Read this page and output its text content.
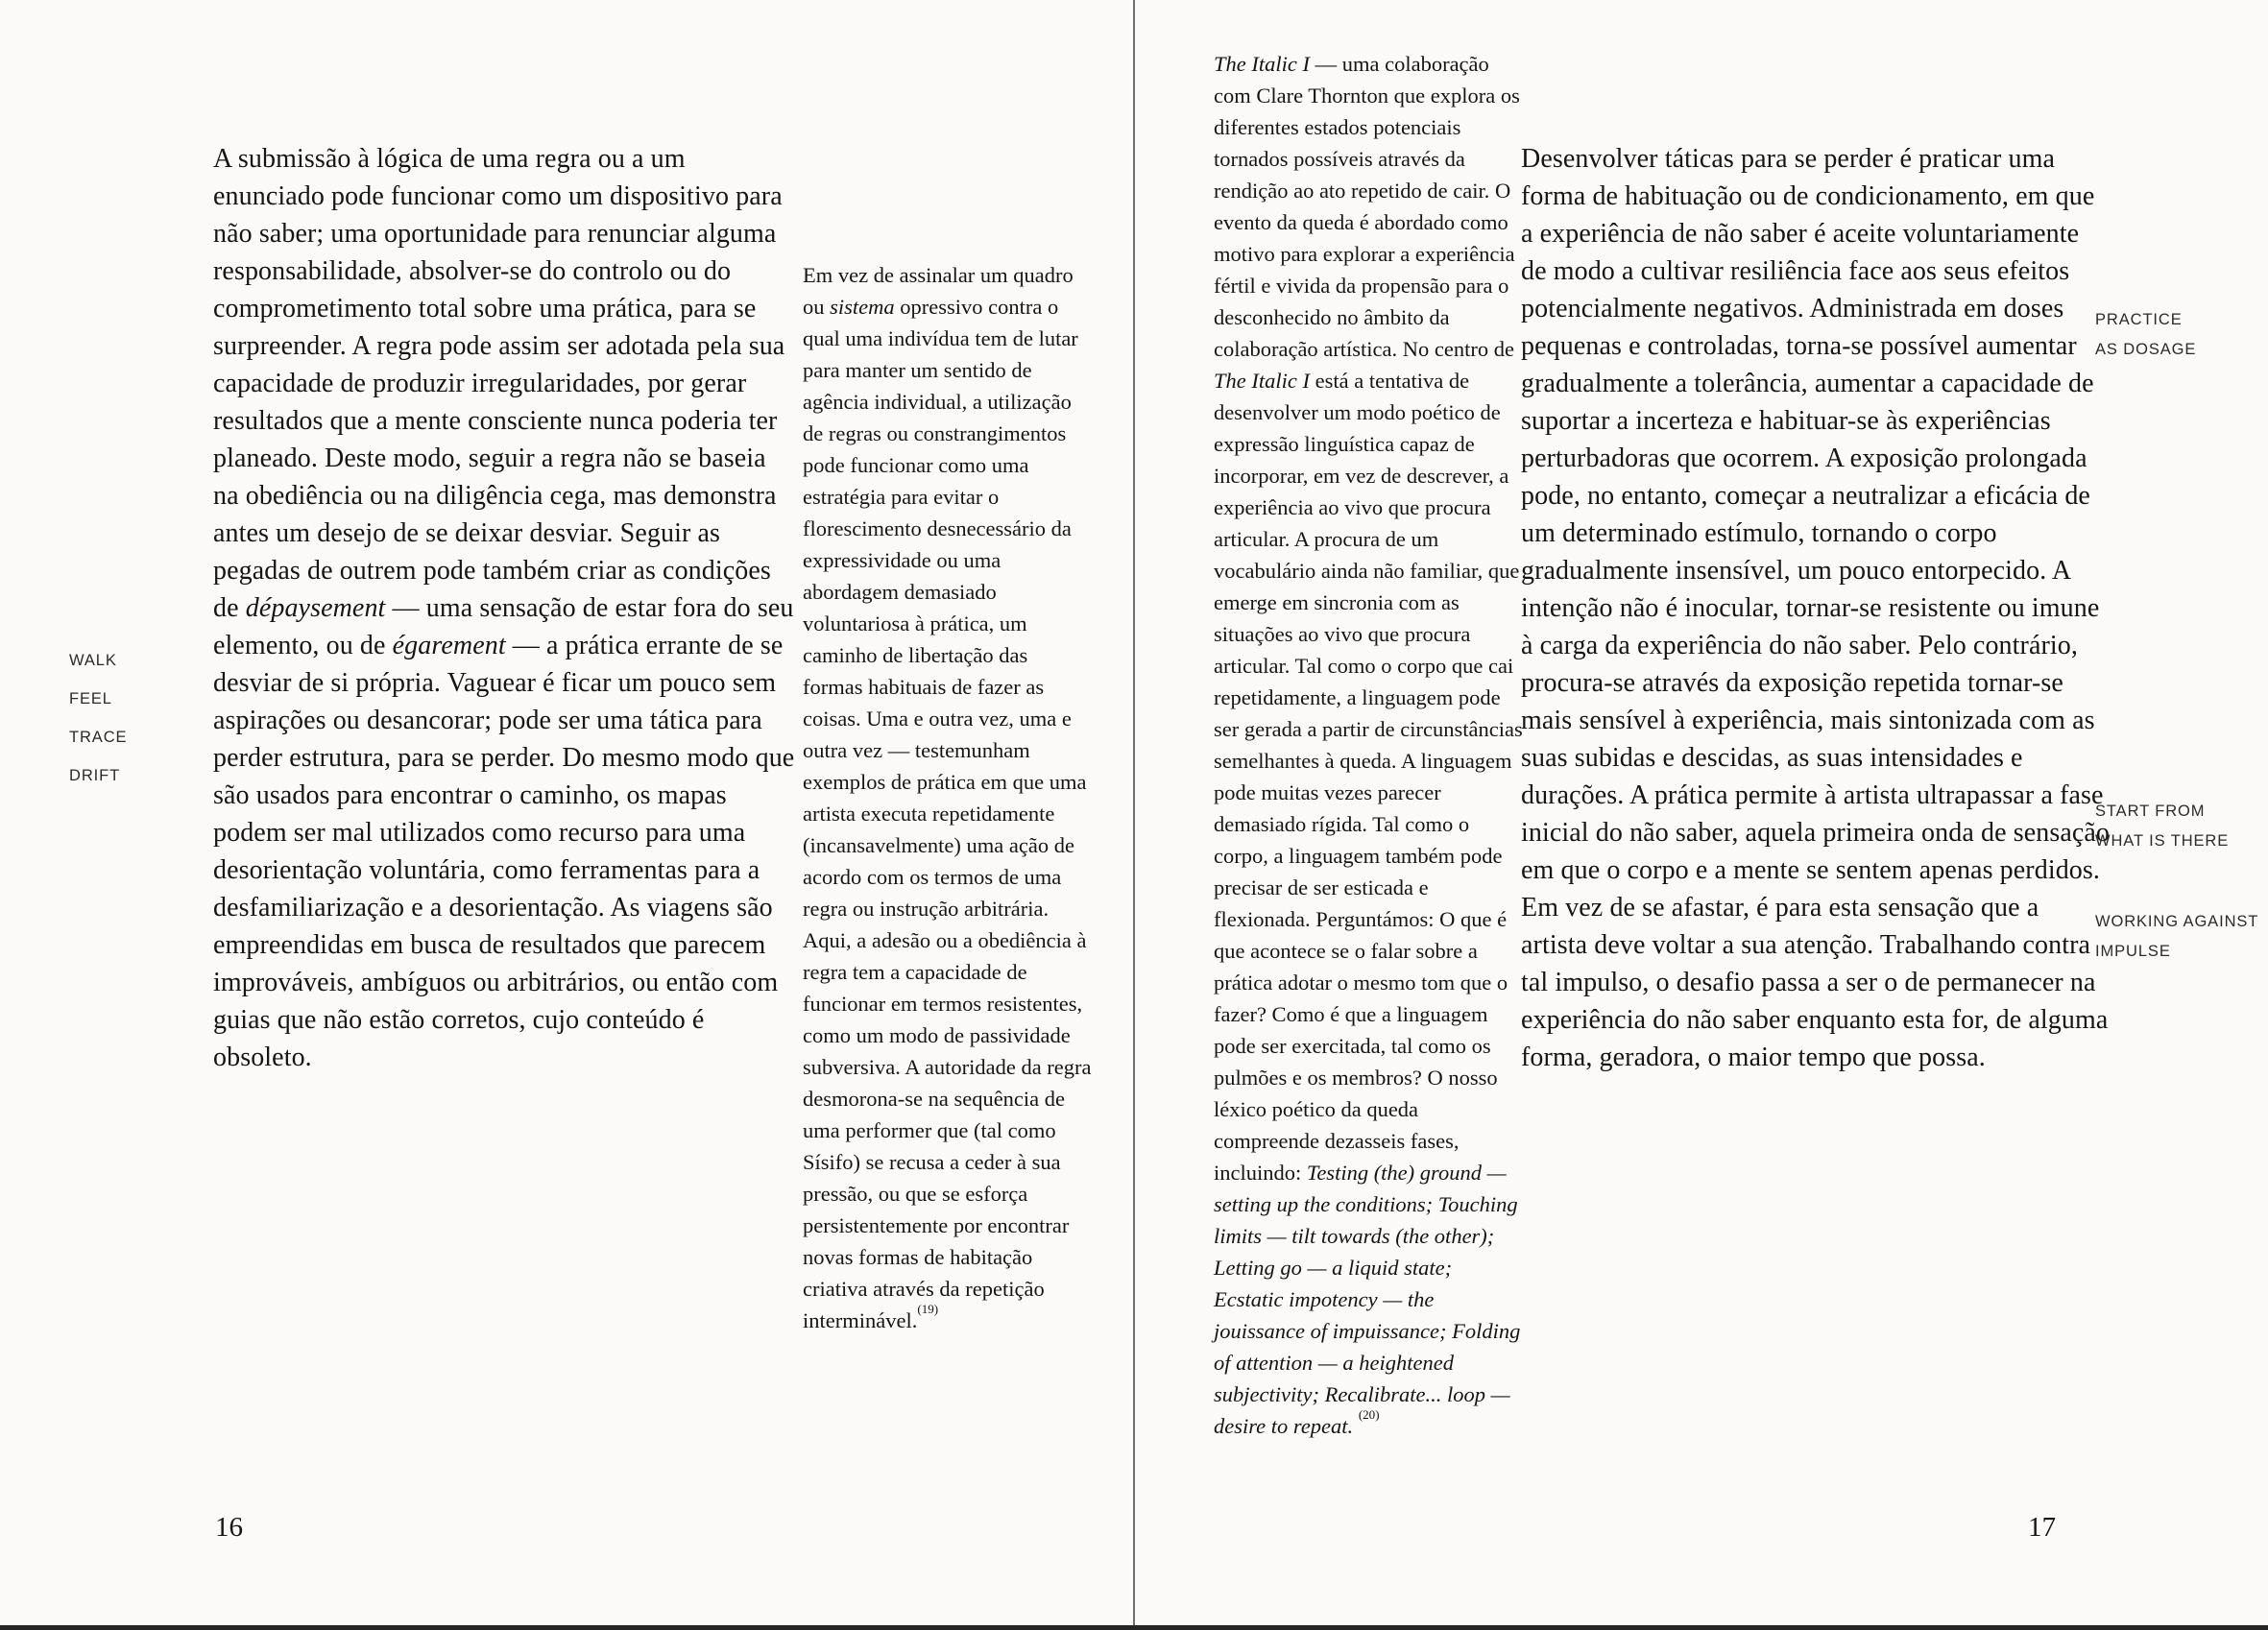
WALK
FEEL
TRACE
DRIFT
A submissão à lógica de uma regra ou a um enunciado pode funcionar como um dispositivo para não saber; uma oportunidade para renunciar alguma responsabilidade, absolver-se do controlo ou do comprometimento total sobre uma prática, para se surpreender. A regra pode assim ser adotada pela sua capacidade de produzir irregularidades, por gerar resultados que a mente consciente nunca poderia ter planeado. Deste modo, seguir a regra não se baseia na obediência ou na diligência cega, mas demonstra antes um desejo de se deixar desviar. Seguir as pegadas de outrem pode também criar as condições de dépaysement — uma sensação de estar fora do seu elemento, ou de égarement — a prática errante de se desviar de si própria. Vaguear é ficar um pouco sem aspirações ou desancorar; pode ser uma tática para perder estrutura, para se perder. Do mesmo modo que são usados para encontrar o caminho, os mapas podem ser mal utilizados como recurso para uma desorientação voluntária, como ferramentas para a desfamiliarização e a desorientação. As viagens são empreendidas em busca de resultados que parecem improváveis, ambíguos ou arbitrários, ou então com guias que não estão corretos, cujo conteúdo é obsoleto.
Em vez de assinalar um quadro ou sistema opressivo contra o qual uma indivídua tem de lutar para manter um sentido de agência individual, a utilização de regras ou constrangimentos pode funcionar como uma estratégia para evitar o florescimento desnecessário da expressividade ou uma abordagem demasiado voluntariosa à prática, um caminho de libertação das formas habituais de fazer as coisas. Uma e outra vez, uma e outra vez — testemunham exemplos de prática em que uma artista executa repetidamente (incansavelmente) uma ação de acordo com os termos de uma regra ou instrução arbitrária. Aqui, a adesão ou a obediência à regra tem a capacidade de funcionar em termos resistentes, como um modo de passividade subversiva. A autoridade da regra desmorona-se na sequência de uma performer que (tal como Sísifo) se recusa a ceder à sua pressão, ou que se esforça persistentemente por encontrar novas formas de habitação criativa através da repetição interminável.$^{(19)}$
16
The Italic I — uma colaboração com Clare Thornton que explora os diferentes estados potenciais tornados possíveis através da rendição ao ato repetido de cair. O evento da queda é abordado como motivo para explorar a experiência fértil e vivida da propensão para o desconhecido no âmbito da colaboração artística. No centro de The Italic I está a tentativa de desenvolver um modo poético de expressão linguística capaz de incorporar, em vez de descrever, a experiência ao vivo que procura articular. A procura de um vocabulário ainda não familiar, que emerge em sincronia com as situações ao vivo que procura articular. Tal como o corpo que cai repetidamente, a linguagem pode ser gerada a partir de circunstâncias semelhantes à queda. A linguagem pode muitas vezes parecer demasiado rígida. Tal como o corpo, a linguagem também pode precisar de ser esticada e flexionada. Perguntámos: O que é que acontece se o falar sobre a prática adotar o mesmo tom que o fazer? Como é que a linguagem pode ser exercitada, tal como os pulmões e os membros? O nosso léxico poético da queda compreende dezasseis fases, incluindo: Testing (the) ground — setting up the conditions; Touching limits — tilt towards (the other); Letting go — a liquid state; Ecstatic impotency — the jouissance of impuissance; Folding of attention — a heightened subjectivity; Recalibrate... loop — desire to repeat. $^{(20)}$
Desenvolver táticas para se perder é praticar uma forma de habituação ou de condicionamento, em que a experiência de não saber é aceite voluntariamente de modo a cultivar resiliência face aos seus efeitos potencialmente negativos. Administrada em doses pequenas e controladas, torna-se possível aumentar gradualmente a tolerância, aumentar a capacidade de suportar a incerteza e habituar-se às experiências perturbadoras que ocorrem. A exposição prolongada pode, no entanto, começar a neutralizar a eficácia de um determinado estímulo, tornando o corpo gradualmente insensível, um pouco entorpecido. A intenção não é inocular, tornar-se resistente ou imune à carga da experiência do não saber. Pelo contrário, procura-se através da exposição repetida tornar-se mais sensível à experiência, mais sintonizada com as suas subidas e descidas, as suas intensidades e durações. A prática permite à artista ultrapassar a fase inicial do não saber, aquela primeira onda de sensação em que o corpo e a mente se sentem apenas perdidos. Em vez de se afastar, é para esta sensação que a artista deve voltar a sua atenção. Trabalhando contra tal impulso, o desafio passa a ser o de permanecer na experiência do não saber enquanto esta for, de alguma forma, geradora, o maior tempo que possa.
PRACTICE
AS DOSAGE
START FROM
WHAT IS THERE
WORKING AGAINST
IMPULSE
17
